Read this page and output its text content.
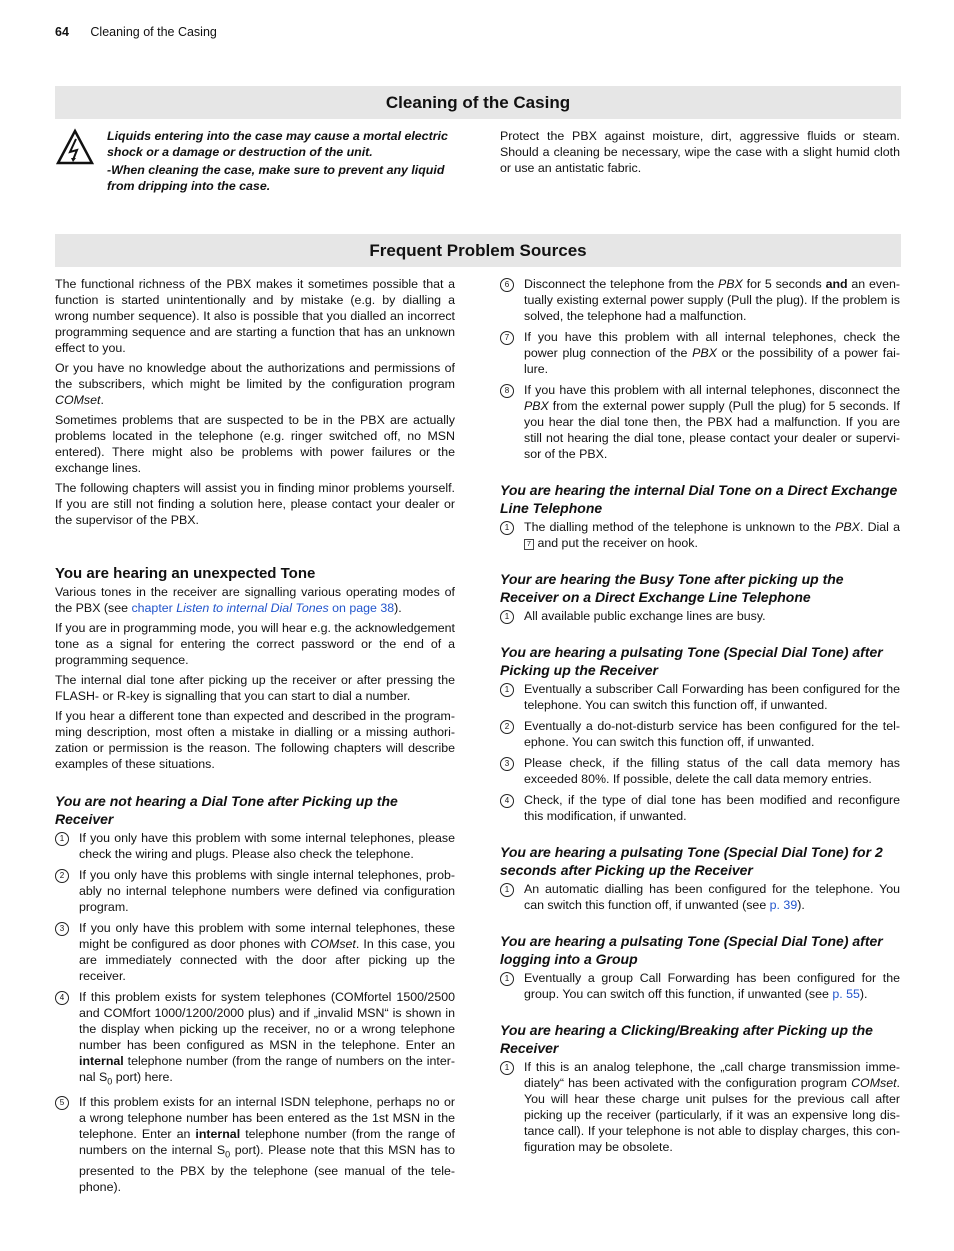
64 Cleaning of the Casing
Cleaning of the Casing
Liquids entering into the case may cause a mortal electric shock or a damage or destruction of the unit.
-When cleaning the case, make sure to prevent any liquid from dripping into the case.

Protect the PBX against moisture, dirt, aggressive fluids or steam. Should a cleaning be necessary, wipe the case with a slight humid cloth or use an antistatic fabric.

Frequent Problem Sources

The functional richness of the PBX makes it sometimes possible that a function is started unintentionally and by mistake (e.g. by dialling a wrong number sequence). It also is possible that you dialled an incorrect programming sequence and are starting a function that has an unknown effect to you.

Or you have no knowledge about the authorizations and permissions of the subscribers, which might be limited by the configuration program COMset.

Sometimes problems that are suspected to be in the PBX are actually problems located in the telephone (e.g. ringer switched off, no MSN entered). There might also be problems with power failures or the exchange lines.

The following chapters will assist you in finding minor problems yourself. If you are still not finding a solution here, please contact your dealer or the supervisor of the PBX.

You are hearing an unexpected Tone

Various tones in the receiver are signalling various operating modes of the PBX (see chapter Listen to internal Dial Tones on page 38).

If you are in programming mode, you will hear e.g. the acknowledgement tone as a signal for entering the correct password or the end of a programming sequence.

The internal dial tone after picking up the receiver or after pressing the FLASH- or R-key is signalling that you can start to dial a number.

If you hear a different tone than expected and described in the programming description, most often a mistake in dialling or a missing authorization or permission is the reason. The following chapters will describe examples of these situations.

You are not hearing a Dial Tone after Picking up the Receiver
1	If you only have this problem with some internal telephones, please check the wiring and plugs. Please also check the telephone.
2	If you only have this problems with single internal telephones, probably no internal telephone numbers were defined via configuration program.
3	If you only have this problem with some internal telephones, these might be configured as door phones with COMset. In this case, you are immediately connected with the door after picking up the receiver.
4	If this problem exists for system telephones (COMfortel 1500/2500 and COMfort 1000/1200/2000 plus) and if „invalid MSN“ is shown in the display when picking up the receiver, no or a wrong telephone number has been configured as MSN in the telephone. Enter an internal telephone number (from the range of numbers on the internal $S_0$ port) here.
5	If this problem exists for an internal ISDN telephone, perhaps no or a wrong telephone number has been entered as the 1st MSN in the telephone. Enter an internal telephone number (from the range of numbers on the internal $S_0$ port). Please note that this MSN has to presented to the PBX by the telephone (see manual of the telephone).
6	Disconnect the telephone from the PBX for 5 seconds and an eventually existing external power supply (Pull the plug). If the problem is solved, the telephone had a malfunction.
7	If you have this problem with all internal telephones, check the power plug connection of the PBX or the possibility of a power failure.
8	If you have this problem with all internal telephones, disconnect the PBX from the external power supply (Pull the plug) for 5 seconds. If you hear the dial tone then, the PBX had a malfunction. If you are still not hearing the dial tone, please contact your dealer or supervisor of the PBX.
You are hearing the internal Dial Tone on a Direct Exchange Line Telephone
1	The dialling method of the telephone is unknown to the PBX. Dial a 7 and put the receiver on hook.
Your are hearing the Busy Tone after picking up the Receiver on a Direct Exchange Line Telephone
1	All available public exchange lines are busy.
You are hearing a pulsating Tone (Special Dial Tone) after Picking up the Receiver
1	Eventually a subscriber Call Forwarding has been configured for the telephone. You can switch this function off, if unwanted.
2	Eventually a do-not-disturb service has been configured for the telephone. You can switch this function off, if unwanted.
3	Please check, if the filling status of the call data memory has exceeded 80%. If possible, delete the call data memory entries.
4	Check, if the type of dial tone has been modified and reconfigure this modification, if unwanted.
You are hearing a pulsating Tone (Special Dial Tone) for 2 seconds after Picking up the Receiver
1	An automatic dialling has been configured for the telephone. You can switch this function off, if unwanted (see p. 39).
You are hearing a pulsating Tone (Special Dial Tone) after logging into a Group
1	Eventually a group Call Forwarding has been configured for the group. You can switch off this function, if unwanted (see p. 55).
You are hearing a Clicking/Breaking after Picking up the Receiver
1	If this is an analog telephone, the „call charge transmission immediately“ has been activated with the configuration program COMset. You will hear these charge unit pulses for the previous call after picking up the receiver (particularly, if it was an expensive long distance call). If your telephone is not able to display charges, this configuration may be obsolete.
